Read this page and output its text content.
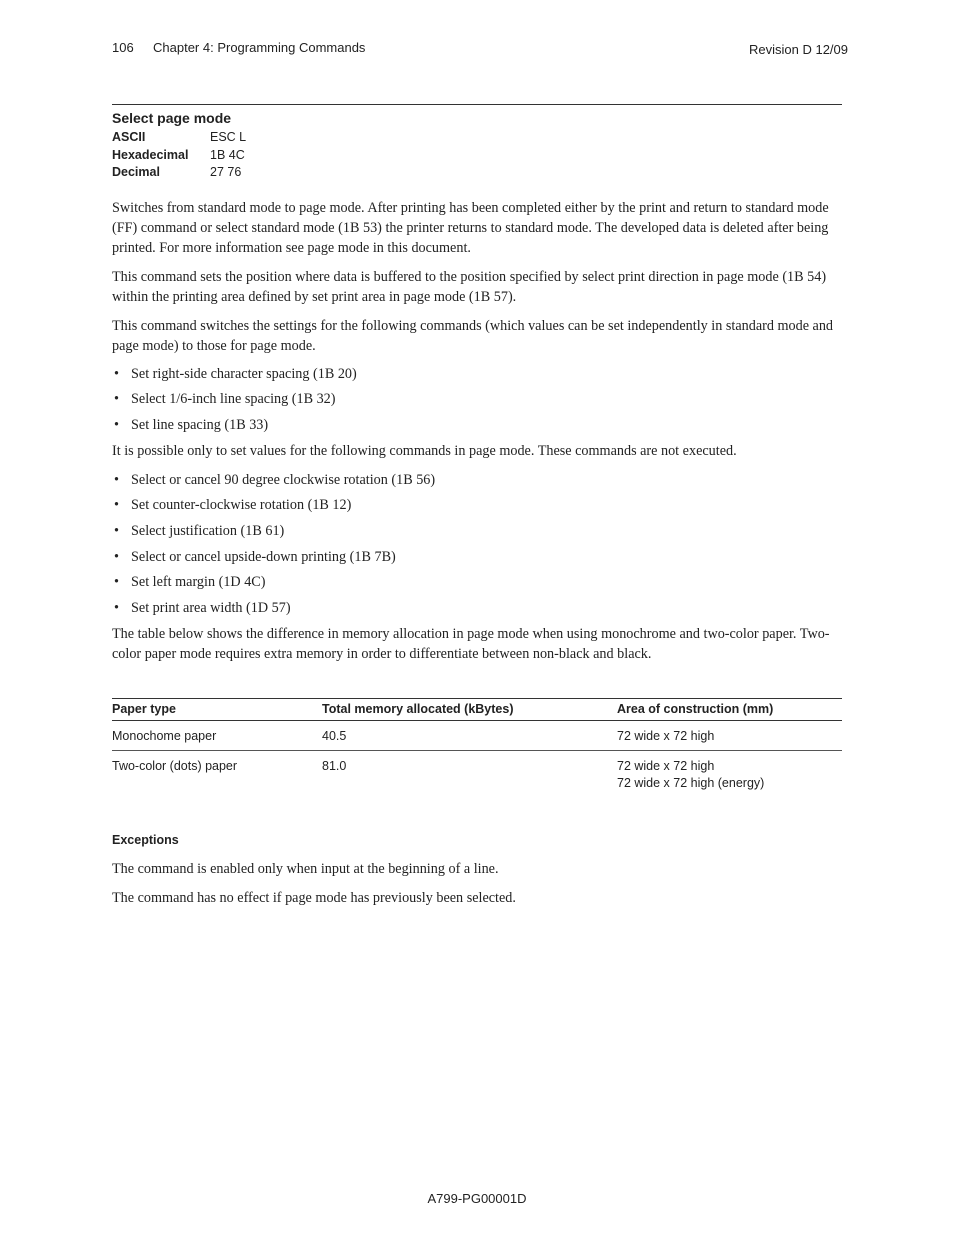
106 Chapter 4: Programming Commands	Revision D 12/09
Select page mode
ASCII	ESC L
Hexadecimal	1B 4C
Decimal	27 76

Switches from standard mode to page mode. After printing has been completed either by the print and return to standard mode (FF) command or select standard mode (1B 53) the printer returns to standard mode. The developed data is deleted after being printed. For more information see page mode in this document.

This command sets the position where data is buffered to the position specified by select print direction in page mode (1B 54) within the printing area defined by set print area in page mode (1B 57).

This command switches the settings for the following commands (which values can be set independently in standard mode and page mode) to those for page mode.

• Set right-side character spacing (1B 20)
• Select 1/6-inch line spacing (1B 32)
• Set line spacing (1B 33)

It is possible only to set values for the following commands in page mode. These commands are not executed.

• Select or cancel 90 degree clockwise rotation (1B 56)
• Set counter-clockwise rotation (1B 12)
• Select justification (1B 61)
• Select or cancel upside-down printing (1B 7B)
• Set left margin (1D 4C)
• Set print area width (1D 57)

The table below shows the difference in memory allocation in page mode when using monochrome and two-color paper. Two-color paper mode requires extra memory in order to differentiate between non-black and black.

Paper type	Total memory allocated (kBytes)	Area of construction (mm)
Monochome paper	40.5	72 wide x 72 high
Two-color (dots) paper	81.0	72 wide x 72 high
72 wide x 72 high (energy)

Exceptions

The command is enabled only when input at the beginning of a line.

The command has no effect if page mode has previously been selected.

A799-PG00001D
